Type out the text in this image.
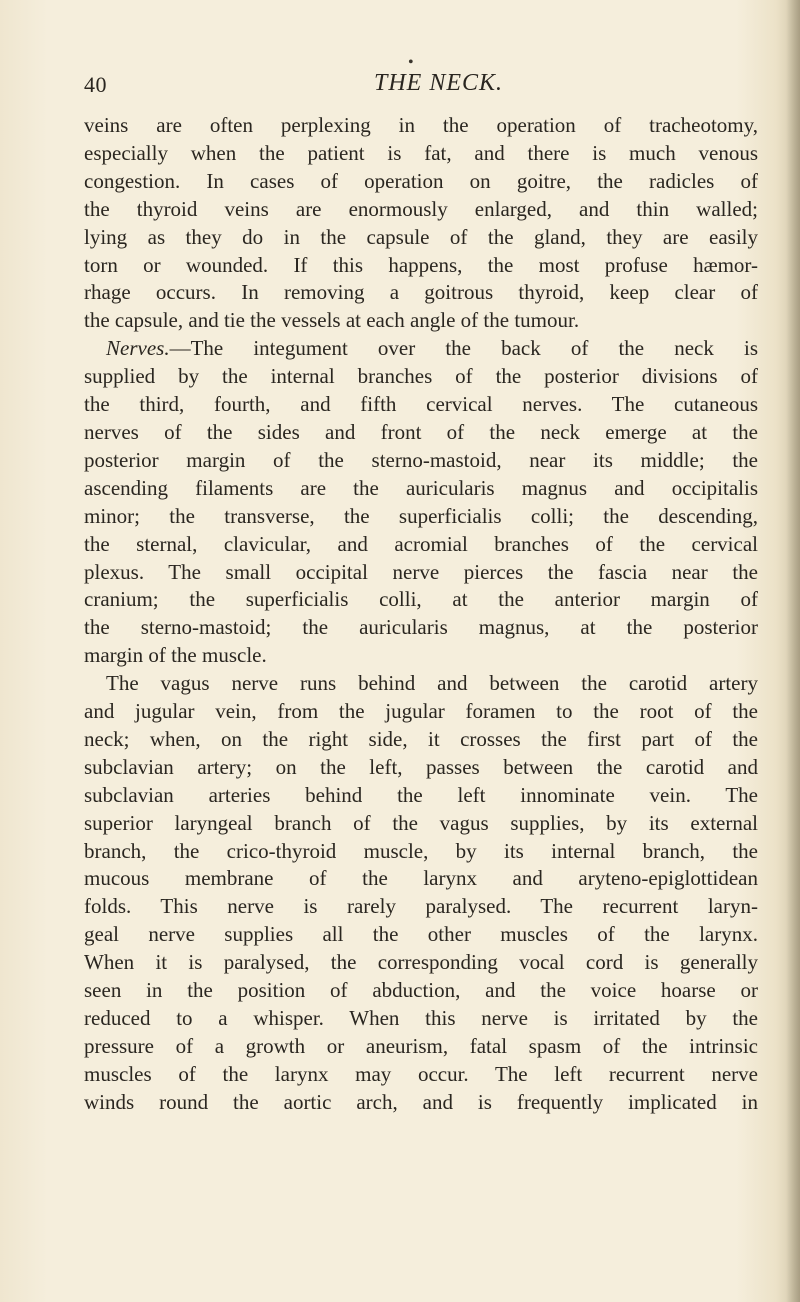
•
40	THE NECK.
veins are often perplexing in the operation of tracheotomy,
especially when the patient is fat, and there is much venous
congestion. In cases of operation on goitre, the radicles of
the thyroid veins are enormously enlarged, and thin walled;
lying as they do in the capsule of the gland, they are easily
torn or wounded. If this happens, the most profuse hæmor-
rhage occurs. In removing a goitrous thyroid, keep clear of
the capsule, and tie the vessels at each angle of the tumour.
Nerves.—The integument over the back of the neck is
supplied by the internal branches of the posterior divisions of
the third, fourth, and fifth cervical nerves. The cutaneous
nerves of the sides and front of the neck emerge at the
posterior margin of the sterno-mastoid, near its middle; the
ascending filaments are the auricularis magnus and occipitalis
minor; the transverse, the superficialis colli; the descending,
the sternal, clavicular, and acromial branches of the cervical
plexus. The small occipital nerve pierces the fascia near the
cranium; the superficialis colli, at the anterior margin of
the sterno-mastoid; the auricularis magnus, at the posterior
margin of the muscle.
The vagus nerve runs behind and between the carotid artery
and jugular vein, from the jugular foramen to the root of the
neck; when, on the right side, it crosses the first part of the
subclavian artery; on the left, passes between the carotid and
subclavian arteries behind the left innominate vein. The
superior laryngeal branch of the vagus supplies, by its external
branch, the crico-thyroid muscle, by its internal branch, the
mucous membrane of the larynx and aryteno-epiglottidean
folds. This nerve is rarely paralysed. The recurrent laryn-
geal nerve supplies all the other muscles of the larynx.
When it is paralysed, the corresponding vocal cord is generally
seen in the position of abduction, and the voice hoarse or
reduced to a whisper. When this nerve is irritated by the
pressure of a growth or aneurism, fatal spasm of the intrinsic
muscles of the larynx may occur. The left recurrent nerve
winds round the aortic arch, and is frequently implicated in
